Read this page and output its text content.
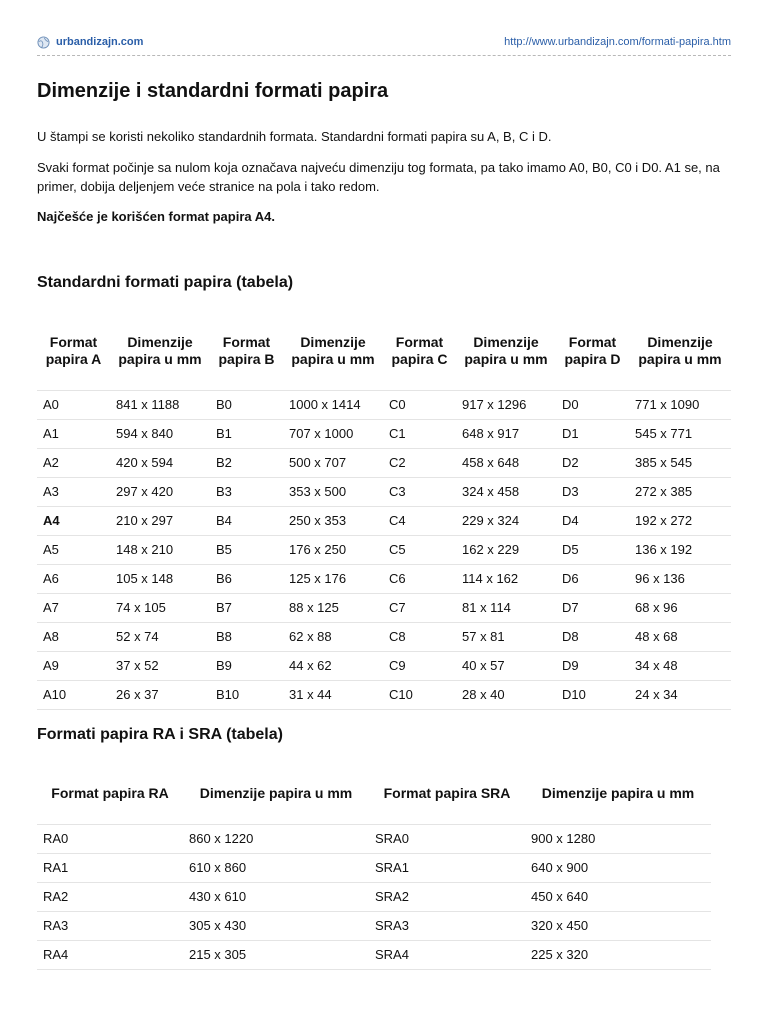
urbandizajn.com	http://www.urbandizajn.com/formati-papira.htm
Dimenzije i standardni formati papira

U štampi se koristi nekoliko standardnih formata. Standardni formati papira su A, B, C i D.

Svaki format počinje sa nulom koja označava najveću dimenziju tog formata, pa tako imamo A0, B0, C0 i D0. A1 se, na primer, dobija deljenjem veće stranice na pola i tako redom.

Najčešće je korišćen format papira A4.

Standardni formati papira (tabela)
Format papira A	Dimenzije papira u mm	Format papira B	Dimenzije papira u mm	Format papira C	Dimenzije papira u mm	Format papira D	Dimenzije papira u mm
A0	841 x 1188	B0	1000 x 1414	C0	917 x 1296	D0	771 x 1090
A1	594 x 840	B1	707 x 1000	C1	648 x 917	D1	545 x 771
A2	420 x 594	B2	500 x 707	C2	458 x 648	D2	385 x 545
A3	297 x 420	B3	353 x 500	C3	324 x 458	D3	272 x 385
A4	210 x 297	B4	250 x 353	C4	229 x 324	D4	192 x 272
A5	148 x 210	B5	176 x 250	C5	162 x 229	D5	136 x 192
A6	105 x 148	B6	125 x 176	C6	114 x 162	D6	96 x 136
A7	74 x 105	B7	88 x 125	C7	81 x 114	D7	68 x 96
A8	52 x 74	B8	62 x 88	C8	57 x 81	D8	48 x 68
A9	37 x 52	B9	44 x 62	C9	40 x 57	D9	34 x 48
A10	26 x 37	B10	31 x 44	C10	28 x 40	D10	24 x 34
Formati papira RA i SRA (tabela)
Format papira RA	Dimenzije papira u mm	Format papira SRA	Dimenzije papira u mm
RA0	860 x 1220	SRA0	900 x 1280
RA1	610 x 860	SRA1	640 x 900
RA2	430 x 610	SRA2	450 x 640
RA3	305 x 430	SRA3	320 x 450
RA4	215 x 305	SRA4	225 x 320
